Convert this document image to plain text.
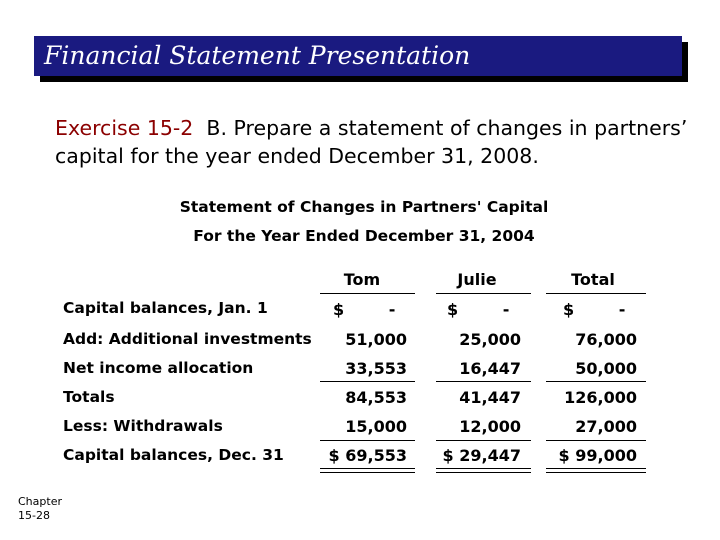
Financial Statement Presentation
Exercise 15-2 B. Prepare a statement of changes in partners’ capital for the year ended December 31, 2008.
Statement of Changes in Partners' Capital
For the Year Ended December 31, 2004
Tom	Julie	Total
Capital balances, Jan. 1	$        -	$        -	$        -
Add: Additional investments	51,000	25,000	76,000
Net income allocation	33,553	16,447	50,000
Totals	84,553	41,447	126,000
Less: Withdrawals	15,000	12,000	27,000
Capital balances, Dec. 31	$ 69,553	$ 29,447	$ 99,000
Chapter
15-28
